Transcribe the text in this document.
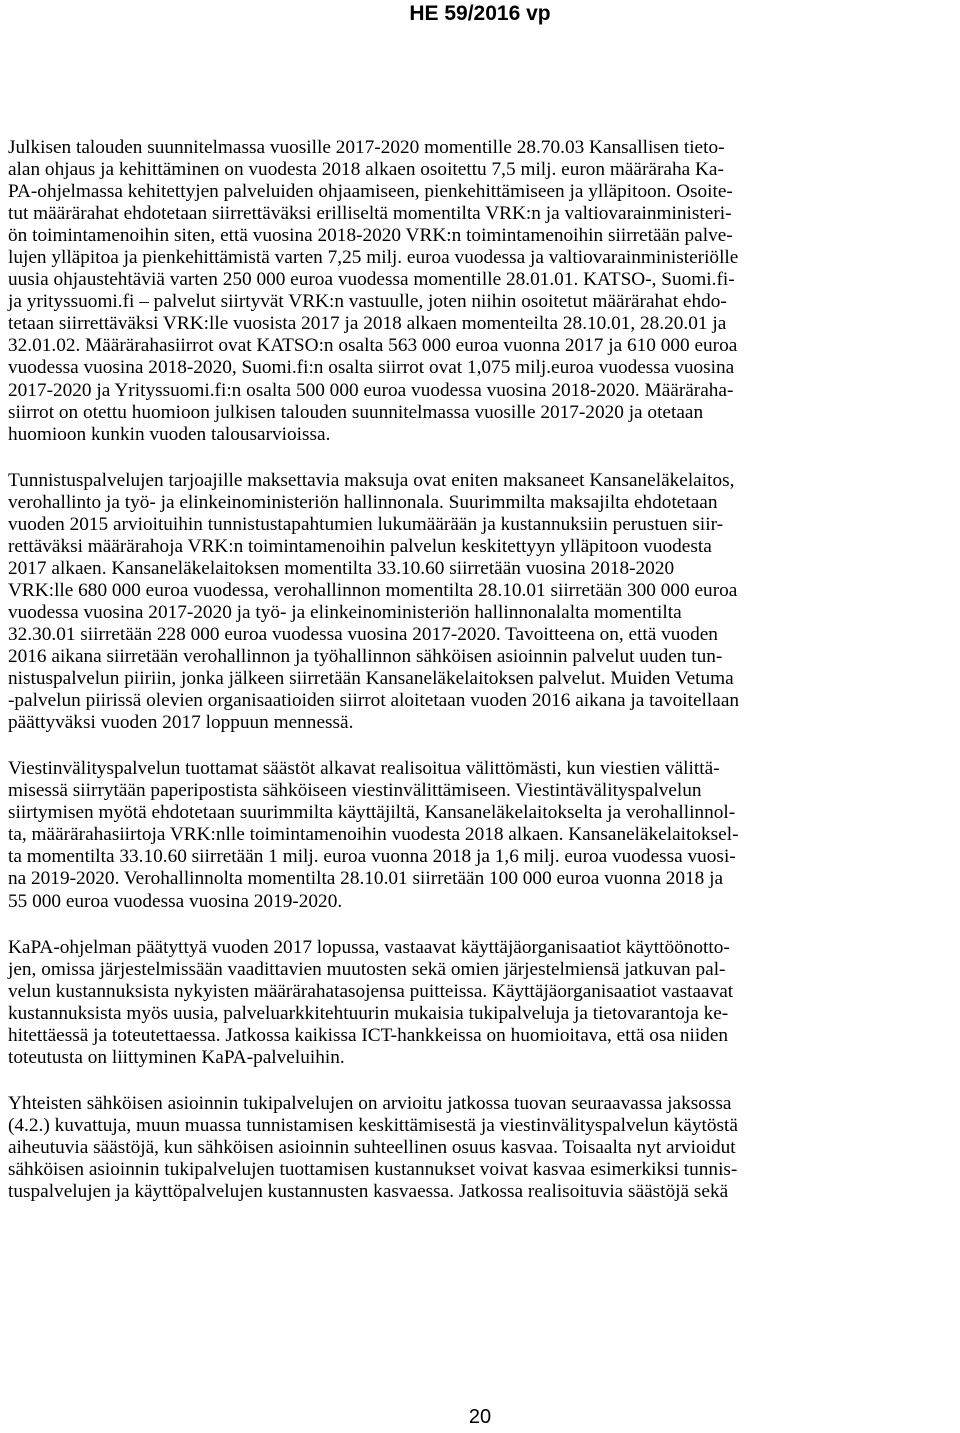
HE 59/2016 vp

Julkisen talouden suunnitelmassa vuosille 2017-2020 momentille 28.70.03 Kansallisen tieto-
alan ohjaus ja kehittäminen on vuodesta 2018 alkaen osoitettu 7,5 milj. euron määräraha Ka-
PA-ohjelmassa kehitettyjen palveluiden ohjaamiseen, pienkehittämiseen ja ylläpitoon. Osoite-
tut määrärahat ehdotetaan siirrettäväksi erilliseltä momentilta VRK:n ja valtiovarainministeri-
ön toimintamenoihin siten, että vuosina 2018-2020 VRK:n toimintamenoihin siirretään palve-
lujen ylläpitoa ja pienkehittämistä varten 7,25 milj. euroa vuodessa ja valtiovarainministeriölle
uusia ohjaustehtäviä varten 250 000 euroa vuodessa momentille 28.01.01. KATSO-, Suomi.fi-
ja yrityssuomi.fi – palvelut siirtyvät VRK:n vastuulle, joten niihin osoitetut määrärahat ehdo-
tetaan siirrettäväksi VRK:lle vuosista 2017 ja 2018 alkaen momenteilta 28.10.01, 28.20.01 ja
32.01.02. Määrärahasiirrot ovat KATSO:n osalta 563 000 euroa vuonna 2017 ja 610 000 euroa
vuodessa vuosina 2018-2020, Suomi.fi:n osalta siirrot ovat 1,075 milj.euroa vuodessa vuosina
2017-2020 ja Yrityssuomi.fi:n osalta 500 000 euroa vuodessa vuosina 2018-2020. Määräraha-
siirrot on otettu huomioon julkisen talouden suunnitelmassa vuosille 2017-2020 ja otetaan
huomioon kunkin vuoden talousarvioissa.

Tunnistuspalvelujen tarjoajille maksettavia maksuja ovat eniten maksaneet Kansaneläkelaitos,
verohallinto ja työ- ja elinkeinoministeriön hallinnonala. Suurimmilta maksajilta ehdotetaan
vuoden 2015 arvioituihin tunnistustapahtumien lukumäärään ja kustannuksiin perustuen siir-
rettäväksi määrärahoja VRK:n toimintamenoihin palvelun keskitettyyn ylläpitoon vuodesta
2017 alkaen. Kansaneläkelaitoksen momentilta 33.10.60 siirretään vuosina 2018-2020
VRK:lle 680 000 euroa vuodessa, verohallinnon momentilta 28.10.01 siirretään 300 000 euroa
vuodessa vuosina 2017-2020 ja työ- ja elinkeinoministeriön hallinnonalalta momentilta
32.30.01 siirretään 228 000 euroa vuodessa vuosina 2017-2020. Tavoitteena on, että vuoden
2016 aikana siirretään verohallinnon ja työhallinnon sähköisen asioinnin palvelut uuden tun-
nistuspalvelun piiriin, jonka jälkeen siirretään Kansaneläkelaitoksen palvelut. Muiden Vetuma
-palvelun piirissä olevien organisaatioiden siirrot aloitetaan vuoden 2016 aikana ja tavoitellaan
päättyväksi vuoden 2017 loppuun mennessä.

Viestinvälityspalvelun tuottamat säästöt alkavat realisoitua välittömästi, kun viestien välittä-
misessä siirrytään paperipostista sähköiseen viestinvälittämiseen. Viestintävälityspalvelun
siirtymisen myötä ehdotetaan suurimmilta käyttäjiltä, Kansaneläkelaitokselta ja verohallinnol-
ta, määrärahasiirtoja VRK:nlle toimintamenoihin vuodesta 2018 alkaen. Kansaneläkelaitoksel-
ta momentilta 33.10.60 siirretään 1 milj. euroa vuonna 2018 ja 1,6 milj. euroa vuodessa vuosi-
na 2019-2020. Verohallinnolta momentilta 28.10.01 siirretään 100 000 euroa vuonna 2018 ja
55 000 euroa vuodessa vuosina 2019-2020.

KaPA-ohjelman päätyttyä vuoden 2017 lopussa, vastaavat käyttäjäorganisaatiot käyttöönotto-
jen, omissa järjestelmissään vaadittavien muutosten sekä omien järjestelmiensä jatkuvan pal-
velun kustannuksista nykyisten määrärahatasojensa puitteissa. Käyttäjäorganisaatiot vastaavat
kustannuksista myös uusia, palveluarkkitehtuurin mukaisia tukipalveluja ja tietovarantoja ke-
hitettäessä ja toteutettaessa. Jatkossa kaikissa ICT-hankkeissa on huomioitava, että osa niiden
toteutusta on liittyminen KaPA-palveluihin.

Yhteisten sähköisen asioinnin tukipalvelujen on arvioitu jatkossa tuovan seuraavassa jaksossa
(4.2.) kuvattuja, muun muassa tunnistamisen keskittämisestä ja viestinvälityspalvelun käytöstä
aiheutuvia säästöjä, kun sähköisen asioinnin suhteellinen osuus kasvaa. Toisaalta nyt arvioidut
sähköisen asioinnin tukipalvelujen tuottamisen kustannukset voivat kasvaa esimerkiksi tunnis-
tuspalvelujen ja käyttöpalvelujen kustannusten kasvaessa. Jatkossa realisoituvia säästöjä sekä

20
